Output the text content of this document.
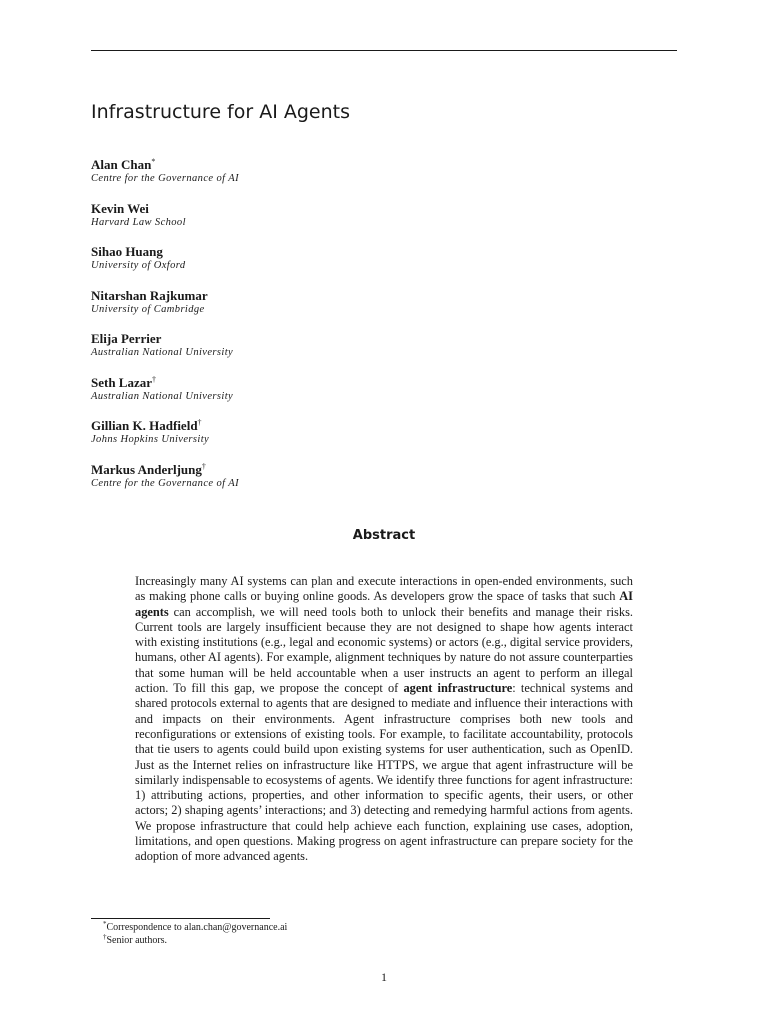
Infrastructure for AI Agents
Alan Chan*
Centre for the Governance of AI
Kevin Wei
Harvard Law School
Sihao Huang
University of Oxford
Nitarshan Rajkumar
University of Cambridge
Elija Perrier
Australian National University
Seth Lazar†
Australian National University
Gillian K. Hadfield†
Johns Hopkins University
Markus Anderljung†
Centre for the Governance of AI
Abstract

Increasingly many AI systems can plan and execute interactions in open-ended environments, such as making phone calls or buying online goods. As developers grow the space of tasks that such AI agents can accomplish, we will need tools both to unlock their benefits and manage their risks. Current tools are largely insufficient because they are not designed to shape how agents interact with existing institutions (e.g., legal and economic systems) or actors (e.g., digital service providers, humans, other AI agents). For example, alignment techniques by nature do not assure counterparties that some human will be held accountable when a user instructs an agent to perform an illegal action. To fill this gap, we propose the concept of agent infrastructure: technical systems and shared protocols external to agents that are designed to mediate and influence their interactions with and impacts on their environments. Agent infrastructure comprises both new tools and reconfigurations or extensions of existing tools. For example, to facilitate accountability, protocols that tie users to agents could build upon existing systems for user authentication, such as OpenID. Just as the Internet relies on infrastructure like HTTPS, we argue that agent infrastructure will be similarly indispensable to ecosystems of agents. We identify three functions for agent infrastructure: 1) attributing actions, properties, and other information to specific agents, their users, or other actors; 2) shaping agents’ interactions; and 3) detecting and remedying harmful actions from agents. We propose infrastructure that could help achieve each function, explaining use cases, adoption, limitations, and open questions. Making progress on agent infrastructure can prepare society for the adoption of more advanced agents.

*Correspondence to alan.chan@governance.ai
†Senior authors.
1
